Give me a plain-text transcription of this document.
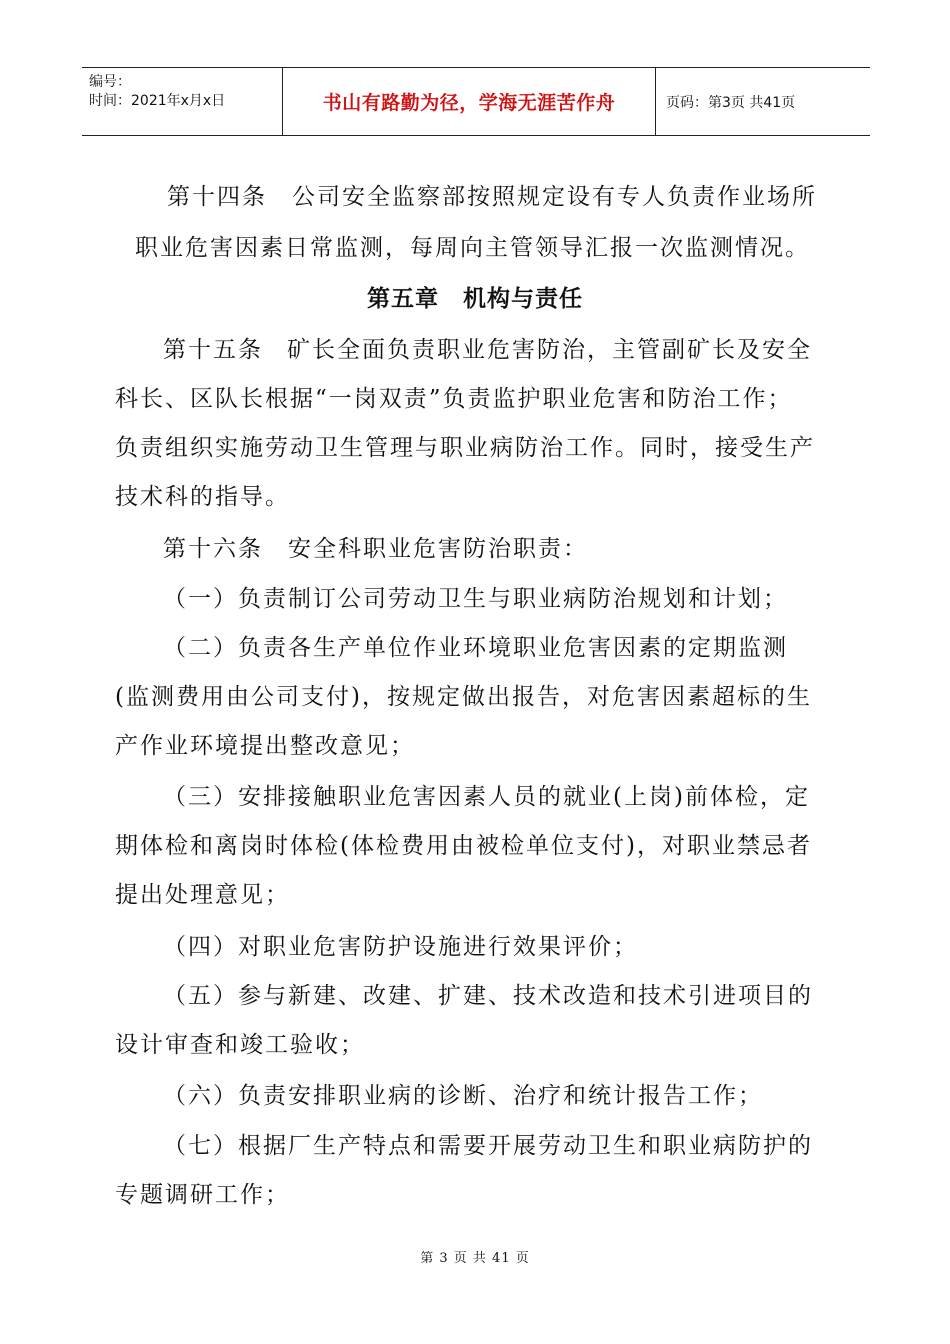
编号：
时间：2021年x月x日	书山有路勤为径，学海无涯苦作舟	页码：第3页 共41页
第十四条　公司安全监察部按照规定设有专人负责作业场所
职业危害因素日常监测，每周向主管领导汇报一次监测情况。
第五章　机构与责任
第十五条 矿长全面负责职业危害防治，主管副矿长及安全
科长、区队长根据“一岗双责”负责监护职业危害和防治工作；
负责组织实施劳动卫生管理与职业病防治工作。同时，接受生产
技术科的指导。
第十六条　安全科职业危害防治职责：
（一）负责制订公司劳动卫生与职业病防治规划和计划；
（二）负责各生产单位作业环境职业危害因素的定期监测
(监测费用由公司支付)，按规定做出报告，对危害因素超标的生
产作业环境提出整改意见；
（三）安排接触职业危害因素人员的就业(上岗)前体检，定
期体检和离岗时体检(体检费用由被检单位支付)，对职业禁忌者
提出处理意见；
（四）对职业危害防护设施进行效果评价；
（五）参与新建、改建、扩建、技术改造和技术引进项目的
设计审查和竣工验收；
（六）负责安排职业病的诊断、治疗和统计报告工作；
（七）根据厂生产特点和需要开展劳动卫生和职业病防护的
专题调研工作；
第 3 页 共 41 页
